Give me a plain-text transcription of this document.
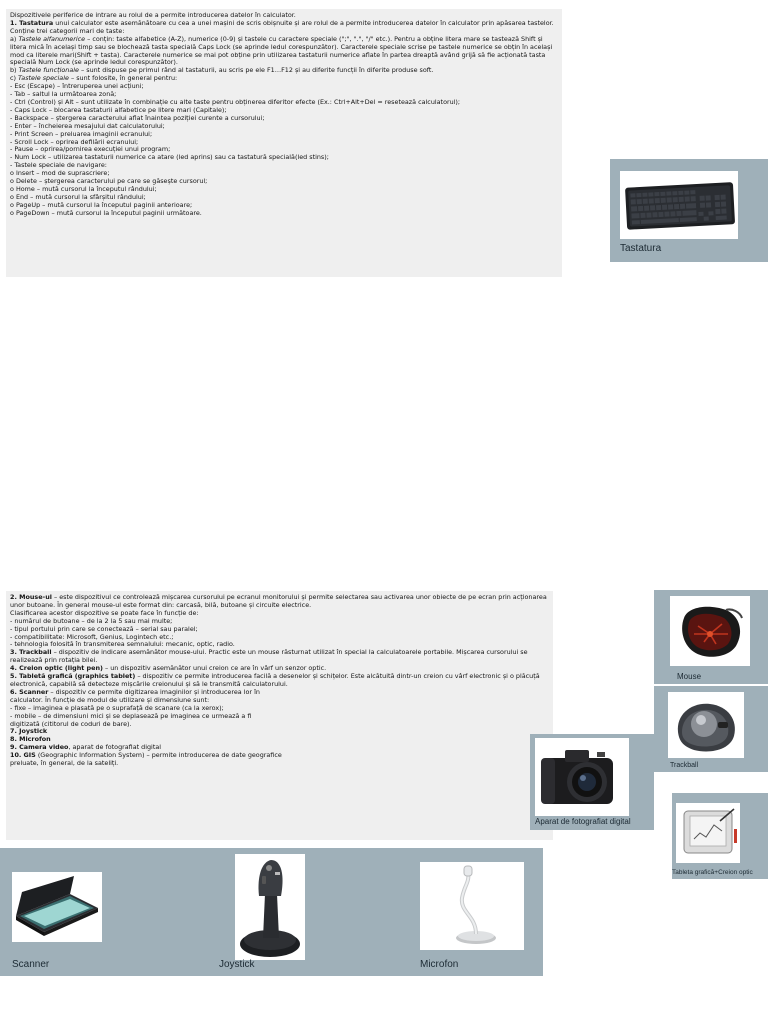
Dispozitivele periferice de intrare au rolul de a permite introducerea datelor în calculator.

1. Tastatura unui calculator este asemănătoare cu cea a unei mașini de scris obișnuite și are rolul de a permite introducerea datelor în calculator prin apăsarea tastelor. Conține trei categorii mari de taste:

a) Tastele alfanumerice – conțin: taste alfabetice (A-Z), numerice (0-9) și tastele cu caractere speciale (";", ".", "/" etc.). Pentru a obține litera mare se tastează Shift și litera mică în același timp sau se blochează tasta specială Caps Lock (se aprinde ledul corespunzător). Caracterele speciale scrise pe tastele numerice se obțin în același mod ca literele mari(Shift + tasta). Caracterele numerice se mai pot obține prin utilizarea tastaturii numerice aflate în partea dreaptă având grijă să fie acționată tasta specială Num Lock (se aprinde ledul corespunzător).

b) Tastele funcționale – sunt dispuse pe primul rând al tastaturii, au scris pe ele F1…F12 și au diferite funcții în diferite produse soft.

c) Tastele speciale – sunt folosite, în general pentru:

- Esc (Escape) – întreruperea unei acțiuni;

- Tab – saltul la următoarea zonă;

- Ctrl (Control) și Alt – sunt utilizate în combinație cu alte taste pentru obținerea diferitor efecte (Ex.: Ctrl+Alt+Del = resetează calculatorul);

- Caps Lock – blocarea tastaturii alfabetice pe litere mari (Capitale);

- Backspace – ștergerea caracterului aflat înaintea poziției curente a cursorului;

- Enter – încheierea mesajului dat calculatorului;

- Print Screen – preluarea imaginii ecranului;

- Scroll Lock – oprirea defilării ecranului;

- Pause – oprirea/pornirea execuției unui program;

- Num Lock – utilizarea tastaturii numerice ca atare (led aprins) sau ca tastatură specială(led stins);

- Tastele speciale de navigare:

o Insert – mod de suprascriere;

o Delete – ștergerea caracterului pe care se găsește cursorul;

o Home – mută cursorul la începutul rândului;

o End – mută cursorul la sfârșitul rândului;

o PageUp – mută cursorul la începutul paginii anterioare;

o PageDown – mută cursorul la începutul paginii următoare.

Tastatura

2. Mouse-ul – este dispozitivul ce controlează mișcarea cursorului pe ecranul monitorului și permite selectarea sau activarea unor obiecte de pe ecran prin acționarea unor butoane. În general mouse-ul este format din: carcasă, bilă, butoane și circuite electrice.

Clasificarea acestor dispozitive se poate face în funcție de:

- numărul de butoane – de la 2 la 5 sau mai multe;

- tipul portului prin care se conectează – serial sau paralel;

- compatibilitate: Microsoft, Genius, Logintech etc.;

- tehnologia folosită în transmiterea semnalului: mecanic, optic, radio.

3. Trackball – dispozitiv de indicare asemănător mouse-ului. Practic este un mouse răsturnat utilizat în special la calculatoarele portabile. Mișcarea cursorului se realizează prin rotația bilei.

4. Creion optic (light pen) – un dispozitiv asemănător unui creion ce are în vârf un senzor optic.

5. Tabletă grafică (graphics tablet) – dispozitiv ce permite introducerea facilă a desenelor și schițelor. Este alcătuită dintr-un creion cu vârf electronic și o plăcuță electronică, capabilă să detecteze mișcările creionului și să le transmită calculatorului.

6. Scanner – dispozitiv ce permite digitizarea imaginilor și introducerea lor în

calculator. În funcție de modul de utilizare și dimensiune sunt:

- fixe – imaginea e plasată pe o suprafață de scanare (ca la xerox);

- mobile – de dimensiuni mici și se deplasează pe imaginea ce urmează a fi

digitizată (cititorul de coduri de bare).

7. Joystick

8. Microfon

9. Camera video, aparat de fotografiat digital

10. GIS (Geographic Information System) – permite introducerea de date geografice

preluate, în general, de la sateliți.

Mouse
Trackball
Aparat de fotografiat digital
Tableta grafică+Creion optic
Scanner	Joystick	Microfon
